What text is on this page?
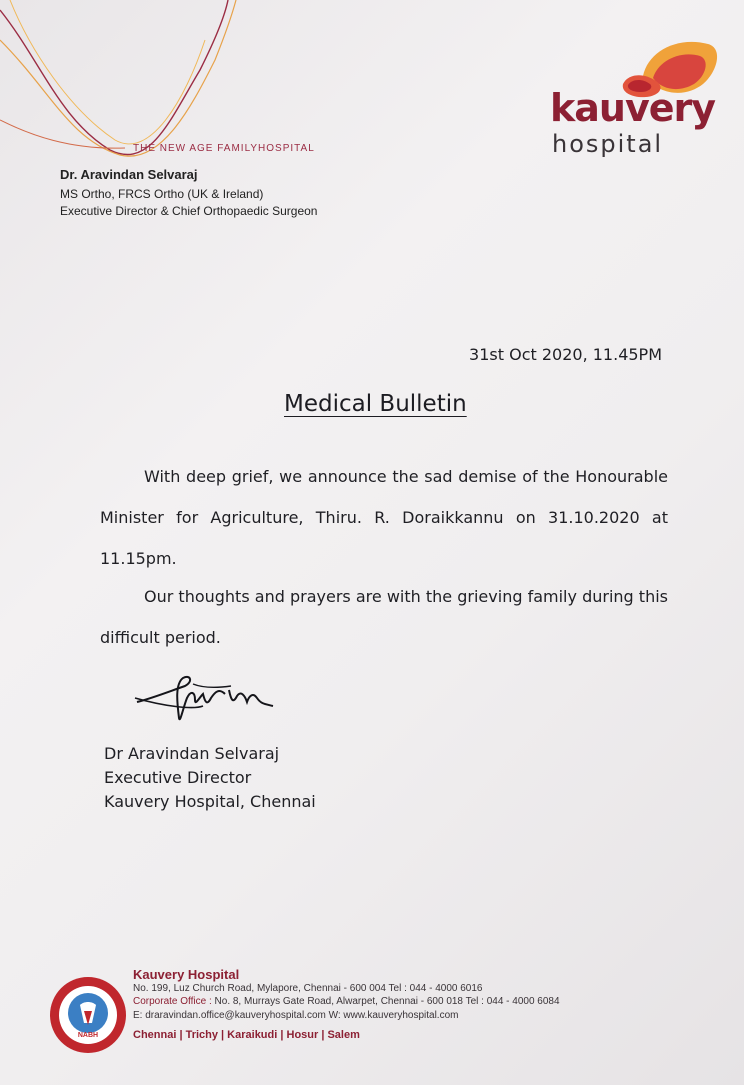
THE NEW AGE FAMILYHOSPITAL
kauvery
hospital
Dr. Aravindan Selvaraj
MS Ortho, FRCS Ortho (UK & Ireland)
Executive Director & Chief Orthopaedic Surgeon
31st Oct 2020, 11.45PM
Medical Bulletin
With deep grief, we announce the sad demise of the Honourable Minister for Agriculture, Thiru. R. Doraikkannu on 31.10.2020 at 11.15pm.
Our thoughts and prayers are with the grieving family during this difficult period.
Dr Aravindan Selvaraj
Executive Director
Kauvery Hospital, Chennai
NABH
Kauvery Hospital
No. 199, Luz Church Road, Mylapore, Chennai - 600 004 Tel : 044 - 4000 6016
Corporate Office : No. 8, Murrays Gate Road, Alwarpet, Chennai - 600 018 Tel : 044 - 4000 6084
E: draravindan.office@kauveryhospital.com W: www.kauveryhospital.com
Chennai | Trichy | Karaikudi | Hosur | Salem
